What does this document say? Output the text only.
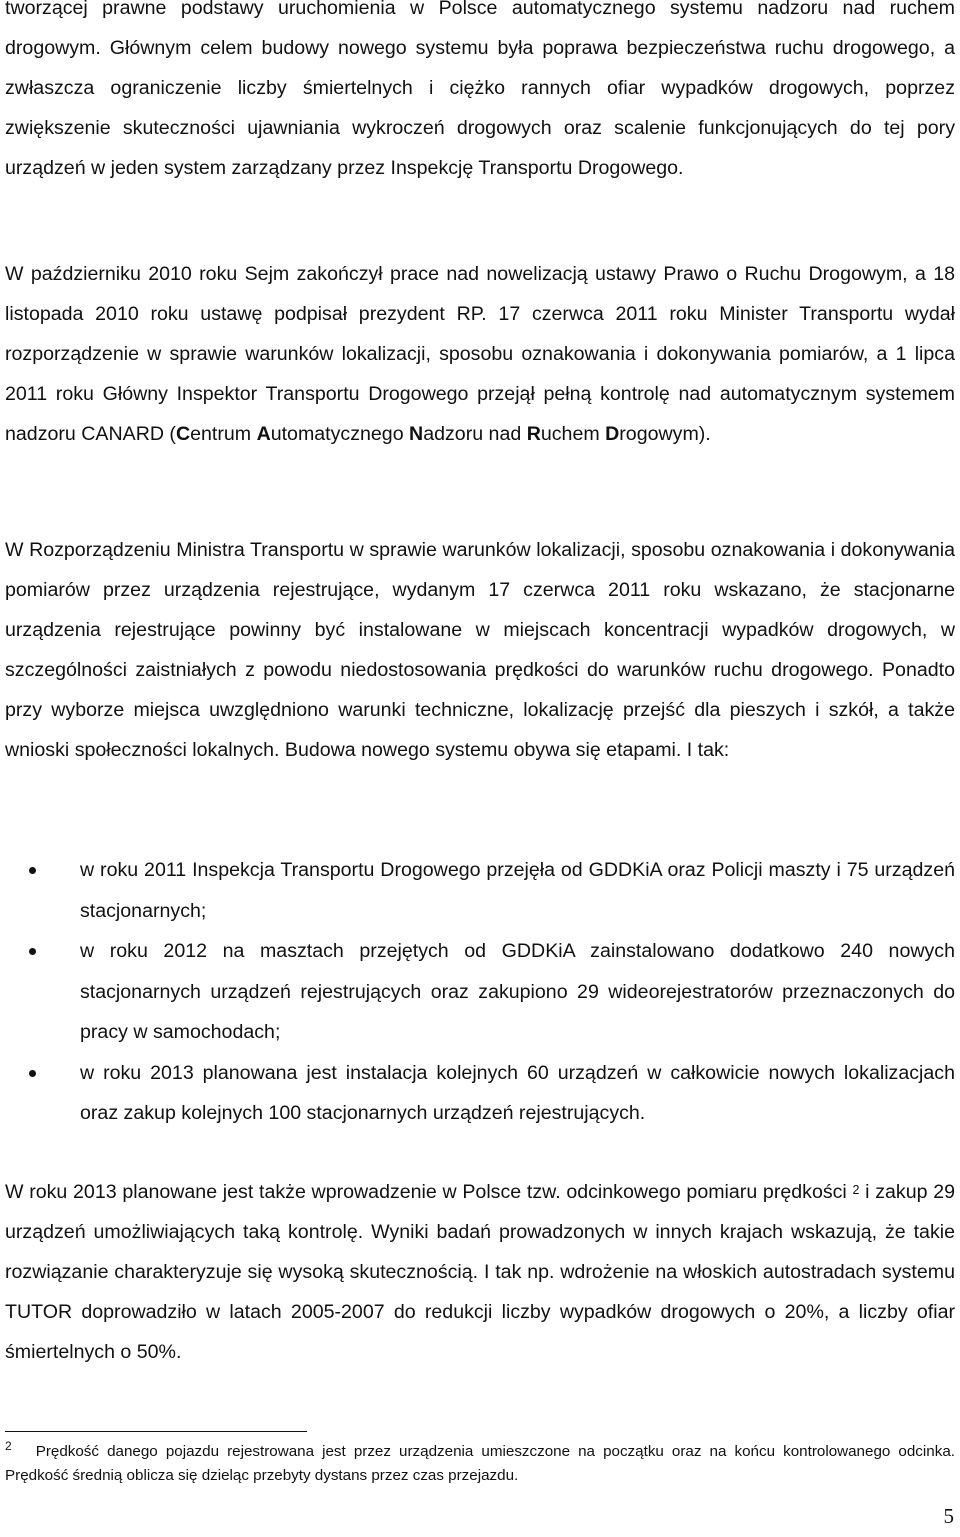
tworzącej prawne podstawy uruchomienia w Polsce automatycznego systemu nadzoru nad ruchem drogowym. Głównym celem budowy nowego systemu była poprawa bezpieczeństwa ruchu drogowego, a zwłaszcza ograniczenie liczby śmiertelnych i ciężko rannych ofiar wypadków drogowych, poprzez zwiększenie skuteczności ujawniania wykroczeń drogowych oraz scalenie funkcjonujących do tej pory urządzeń w jeden system zarządzany przez Inspekcję Transportu Drogowego.

W październiku 2010 roku Sejm zakończył prace nad nowelizacją ustawy Prawo o Ruchu Drogowym, a 18 listopada 2010 roku ustawę podpisał prezydent RP. 17 czerwca 2011 roku Minister Transportu wydał rozporządzenie w sprawie warunków lokalizacji, sposobu oznakowania i dokonywania pomiarów, a 1 lipca 2011 roku Główny Inspektor Transportu Drogowego przejął pełną kontrolę nad automatycznym systemem nadzoru CANARD (Centrum Automatycznego Nadzoru nad Ruchem Drogowym).

W Rozporządzeniu Ministra Transportu w sprawie warunków lokalizacji, sposobu oznakowania i dokonywania pomiarów przez urządzenia rejestrujące, wydanym 17 czerwca 2011 roku wskazano, że stacjonarne urządzenia rejestrujące powinny być instalowane w miejscach koncentracji wypadków drogowych, w szczególności zaistniałych z powodu niedostosowania prędkości do warunków ruchu drogowego. Ponadto przy wyborze miejsca uwzględniono warunki techniczne, lokalizację przejść dla pieszych i szkół, a także wnioski społeczności lokalnych. Budowa nowego systemu obywa się etapami. I tak:

w roku 2011 Inspekcja Transportu Drogowego przejęła od GDDKiA oraz Policji maszty i 75 urządzeń stacjonarnych;
w roku 2012 na masztach przejętych od GDDKiA zainstalowano dodatkowo 240 nowych stacjonarnych urządzeń rejestrujących oraz zakupiono 29 wideorejestratorów przeznaczonych do pracy w samochodach;
w roku 2013 planowana jest instalacja kolejnych 60 urządzeń w całkowicie nowych lokalizacjach oraz zakup kolejnych 100 stacjonarnych urządzeń rejestrujących.

W roku 2013 planowane jest także wprowadzenie w Polsce tzw. odcinkowego pomiaru prędkości $^2$ i zakup 29 urządzeń umożliwiających taką kontrolę. Wyniki badań prowadzonych w innych krajach wskazują, że takie rozwiązanie charakteryzuje się wysoką skutecznością. I tak np. wdrożenie na włoskich autostradach systemu TUTOR doprowadziło w latach 2005-2007 do redukcji liczby wypadków drogowych o 20%, a liczby ofiar śmiertelnych o 50%.

$^2$ Prędkość danego pojazdu rejestrowana jest przez urządzenia umieszczone na początku oraz na końcu kontrolowanego odcinka. Prędkość średnią oblicza się dzieląc przebyty dystans przez czas przejazdu.
5
